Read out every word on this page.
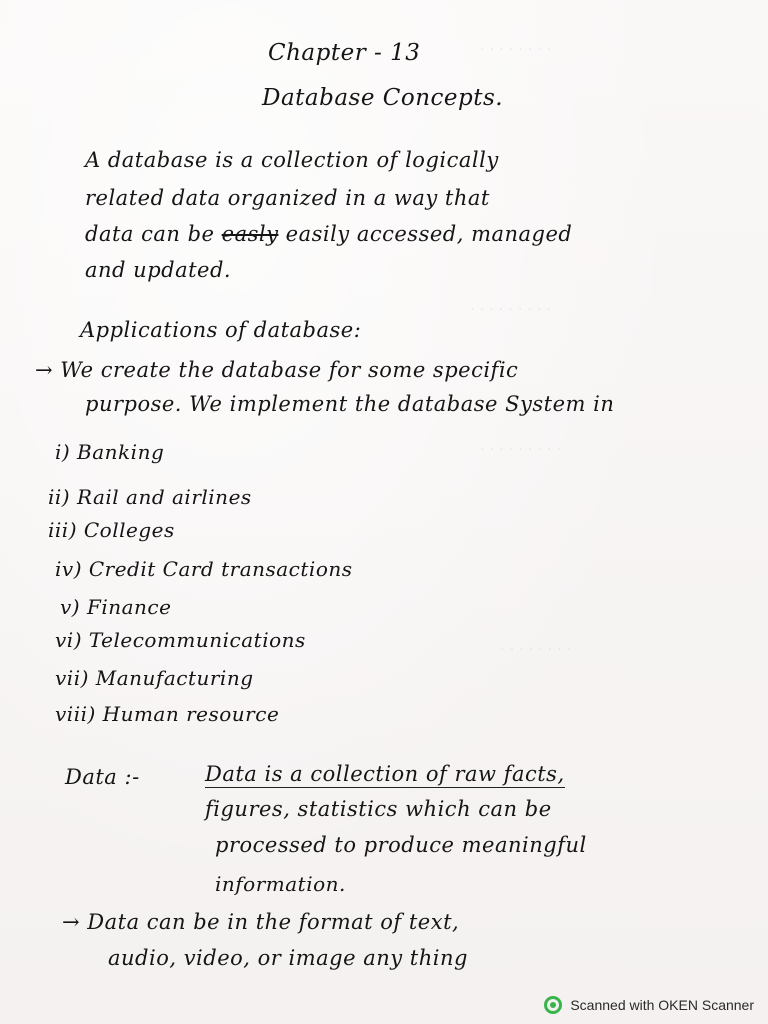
· · · · · · · ·
· · · · · · · · ·
· · · · · · · · ·
· · · · · · · ·
Chapter - 13
Database Concepts.
A database is a collection of logically
related data organized in a way that
data can be easly easily accessed, managed
and updated.
Applications of database:
→ We create the database for some specific
purpose. We implement the database System in
i) Banking
ii) Rail and airlines
iii) Colleges
iv) Credit Card transactions
v) Finance
vi) Telecommunications
vii) Manufacturing
viii) Human resource
Data :-	Data is a collection of raw facts,
figures, statistics which can be
processed to produce meaningful
information.
→ Data can be in the format of text,
audio, video, or image any thing
Scanned with OKEN Scanner
